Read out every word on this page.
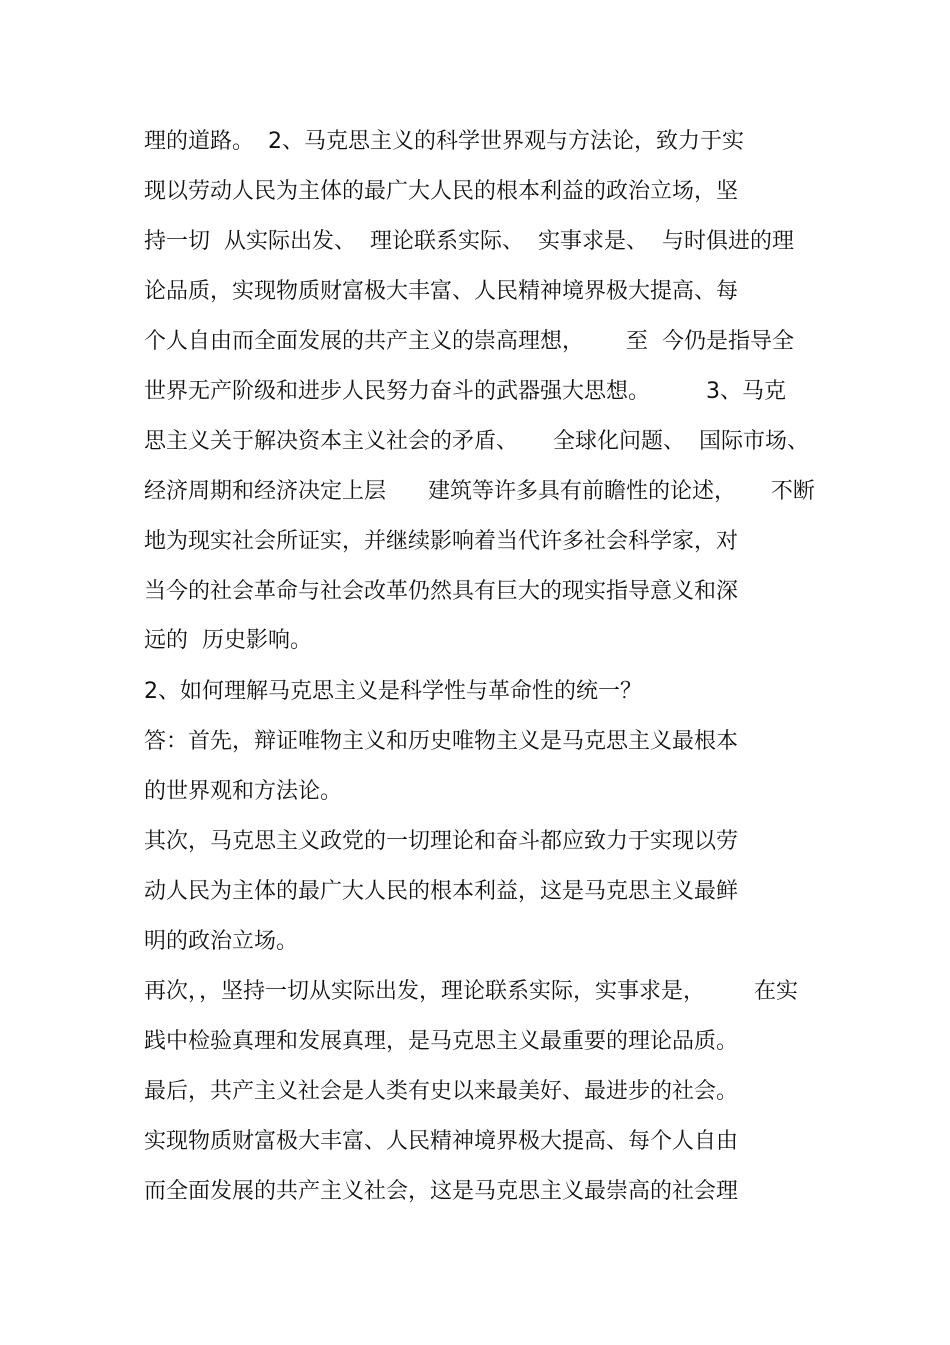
理的道路。  2、马克思主义的科学世界观与方法论，致力于实

现以劳动人民为主体的最广大人民的根本利益的政治立场，坚

持一切  从实际出发、  理论联系实际、  实事求是、  与时俱进的理

论品质，实现物质财富极大丰富、人民精神境界极大提高、每

个人自由而全面发展的共产主义的崇高理想，      至  今仍是指导全

世界无产阶级和进步人民努力奋斗的武器强大思想。        3、马克

思主义关于解决资本主义社会的矛盾、     全球化问题、  国际市场、

经济周期和经济决定上层      建筑等许多具有前瞻性的论述，     不断

地为现实社会所证实，并继续影响着当代许多社会科学家，对

当今的社会革命与社会改革仍然具有巨大的现实指导意义和深

远的  历史影响。

2、如何理解马克思主义是科学性与革命性的统一？

答：首先，辩证唯物主义和历史唯物主义是马克思主义最根本

的世界观和方法论。

其次，马克思主义政党的一切理论和奋斗都应致力于实现以劳

动人民为主体的最广大人民的根本利益，这是马克思主义最鲜

明的政治立场。

再次，，坚持一切从实际出发，理论联系实际，实事求是，       在实

践中检验真理和发展真理，是马克思主义最重要的理论品质。

最后，共产主义社会是人类有史以来最美好、最进步的社会。

实现物质财富极大丰富、人民精神境界极大提高、每个人自由

而全面发展的共产主义社会，这是马克思主义最崇高的社会理
